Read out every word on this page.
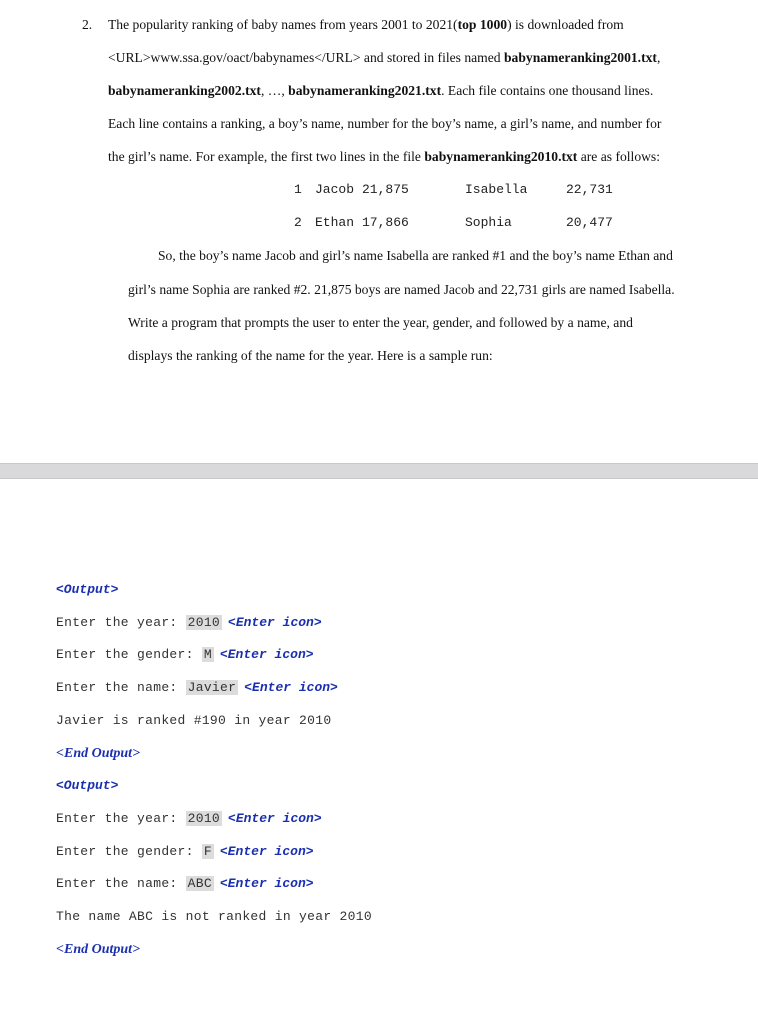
2. The popularity ranking of baby names from years 2001 to 2021(top 1000) is downloaded from
<URL>www.ssa.gov/oact/babynames</URL> and stored in files named babynameranking2001.txt,
babynameranking2002.txt, …, babynameranking2021.txt. Each file contains one thousand lines.
Each line contains a ranking, a boy’s name, number for the boy’s name, a girl’s name, and number for
the girl’s name. For example, the first two lines in the file babynameranking2010.txt are as follows:
1 Jacob 21,875	Isabella	22,731
2 Ethan 17,866	Sophia	20,477
So, the boy’s name Jacob and girl’s name Isabella are ranked #1 and the boy’s name Ethan and
girl’s name Sophia are ranked #2. 21,875 boys are named Jacob and 22,731 girls are named Isabella.
Write a program that prompts the user to enter the year, gender, and followed by a name, and
displays the ranking of the name for the year. Here is a sample run:
<Output>
Enter the year: 2010 <Enter icon>
Enter the gender: M <Enter icon>
Enter the name: Javier <Enter icon>
Javier is ranked #190 in year 2010
<End Output>
<Output>
Enter the year: 2010 <Enter icon>
Enter the gender: F <Enter icon>
Enter the name: ABC <Enter icon>
The name ABC is not ranked in year 2010
<End Output>
